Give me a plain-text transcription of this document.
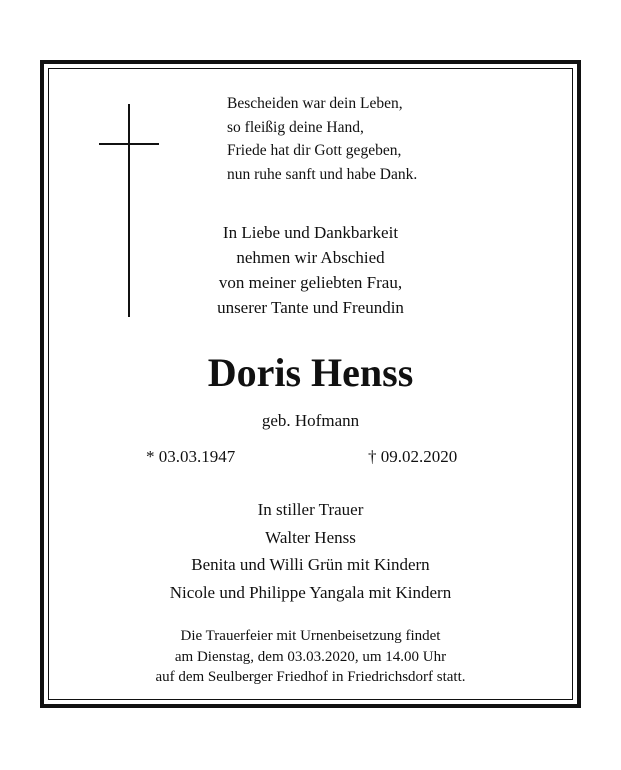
Bescheiden war dein Leben,
so fleißig deine Hand,
Friede hat dir Gott gegeben,
nun ruhe sanft und habe Dank.
In Liebe und Dankbarkeit
nehmen wir Abschied
von meiner geliebten Frau,
unserer Tante und Freundin
Doris Henss
geb. Hofmann
* 03.03.1947	† 09.02.2020
In stiller Trauer
Walter Henss
Benita und Willi Grün mit Kindern
Nicole und Philippe Yangala mit Kindern
Die Trauerfeier mit Urnenbeisetzung findet
am Dienstag, dem 03.03.2020, um 14.00 Uhr
auf dem Seulberger Friedhof in Friedrichsdorf statt.
